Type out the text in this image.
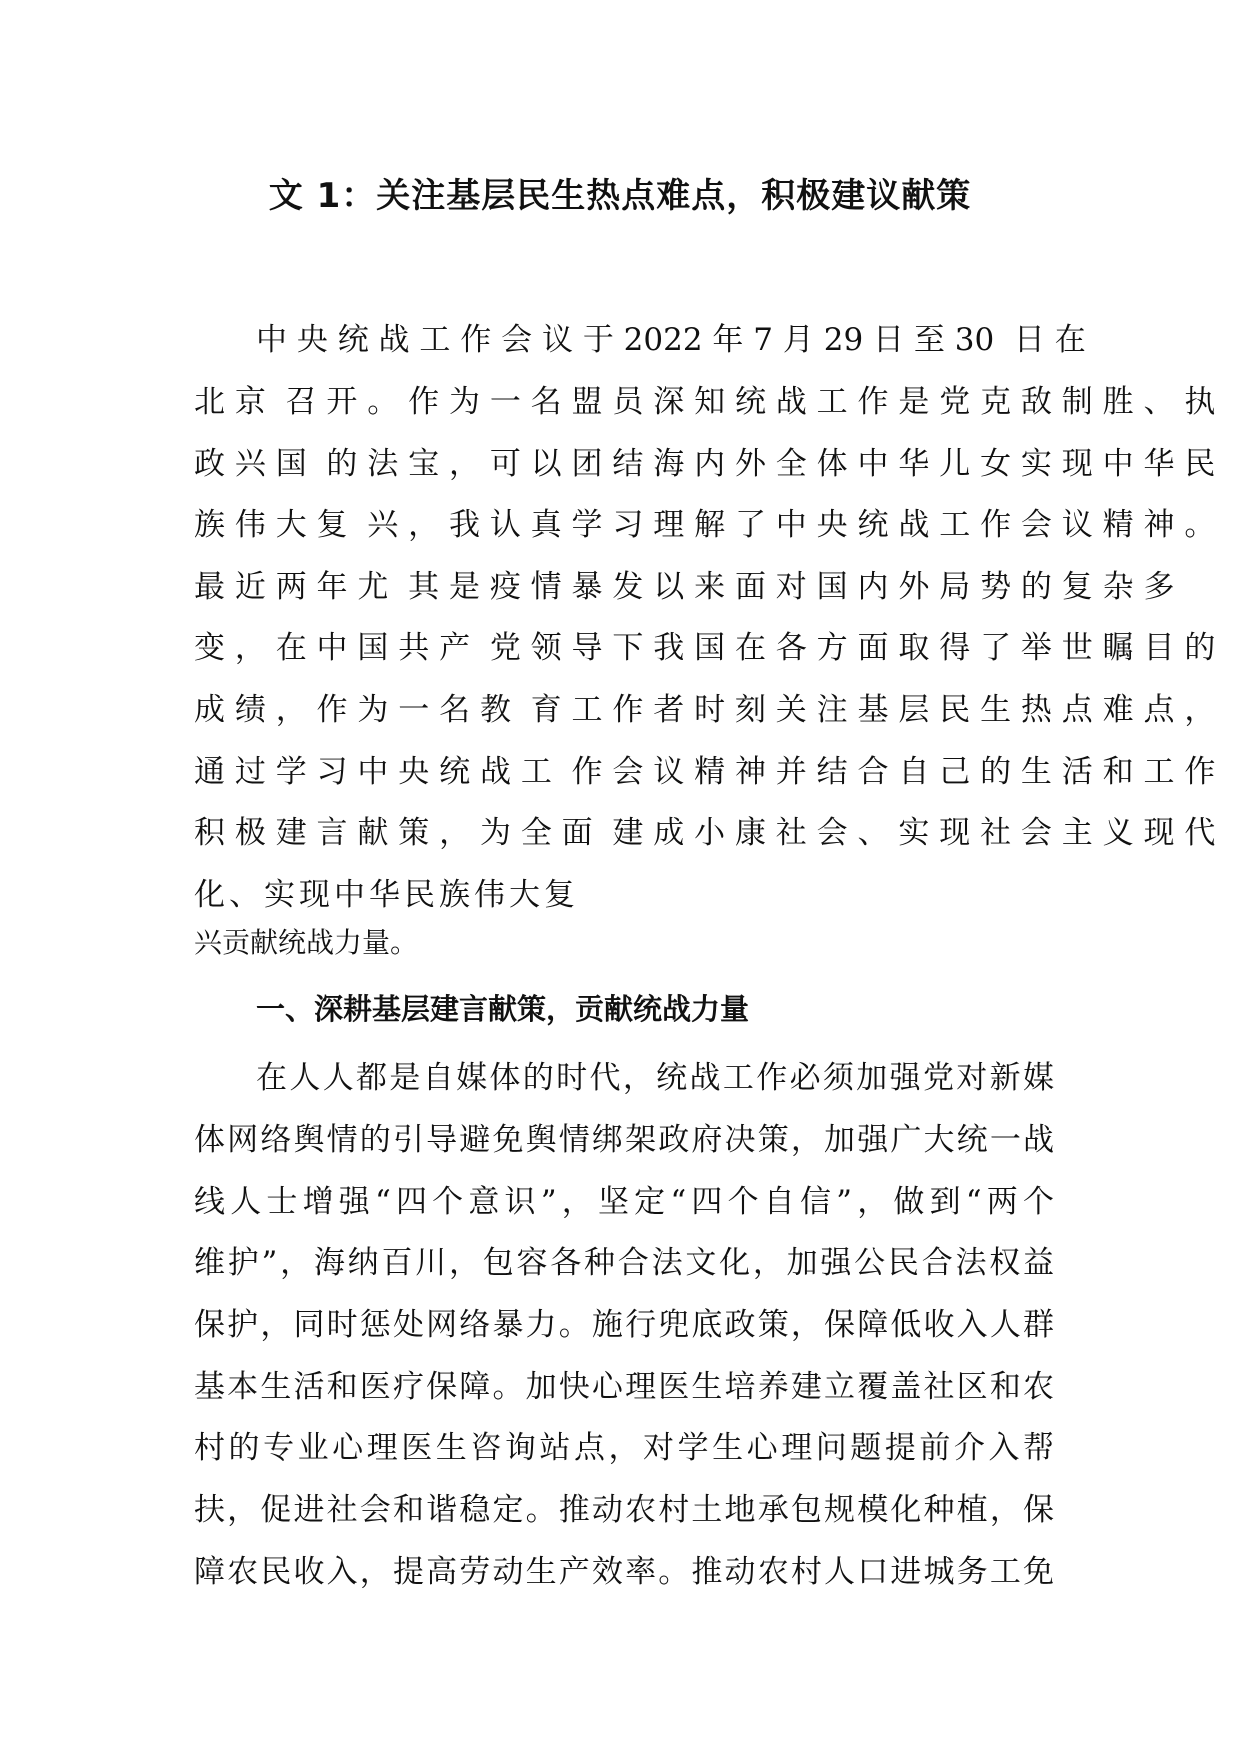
文 1：关注基层民生热点难点，积极建议献策
中 央 统 战 工 作 会 议 于 2022 年 7 月 29 日 至 30  日 在
北 京  召 开 。 作 为 一 名 盟 员 深 知 统 战 工 作 是 党 克 敌 制 胜 、 执
政 兴 国  的 法 宝 ， 可 以 团 结 海 内 外 全 体 中 华 儿 女 实 现 中 华 民
族 伟 大 复  兴 ， 我 认 真 学 习 理 解 了 中 央 统 战 工 作 会 议 精 神 。
最 近 两 年 尤  其 是 疫 情 暴 发 以 来 面 对 国 内 外 局 势 的 复 杂 多
变 ， 在 中 国 共 产  党 领 导 下 我 国 在 各 方 面 取 得 了 举 世 瞩 目 的
成 绩 ， 作 为 一 名 教  育 工 作 者 时 刻 关 注 基 层 民 生 热 点 难 点 ，
通 过 学 习 中 央 统 战 工  作 会 议 精 神 并 结 合 自 己 的 生 活 和 工 作
积 极 建 言 献 策 ， 为 全 面  建 成 小 康 社 会 、 实 现 社 会 主 义 现 代
化、实现中华民族伟大复
兴贡献统战力量。
一、深耕基层建言献策，贡献统战力量
在人人都是自媒体的时代，统战工作必须加强党对新媒
体网络舆情的引导避免舆情绑架政府决策，加强广大统一战
线人士增强“四个意识”，坚定“四个自信”，做到“两个
维护”，海纳百川，包容各种合法文化，加强公民合法权益
保护，同时惩处网络暴力。施行兜底政策，保障低收入人群
基本生活和医疗保障。加快心理医生培养建立覆盖社区和农
村的专业心理医生咨询站点，对学生心理问题提前介入帮
扶，促进社会和谐稳定。推动农村土地承包规模化种植，保
障农民收入，提高劳动生产效率。推动农村人口进城务工免
